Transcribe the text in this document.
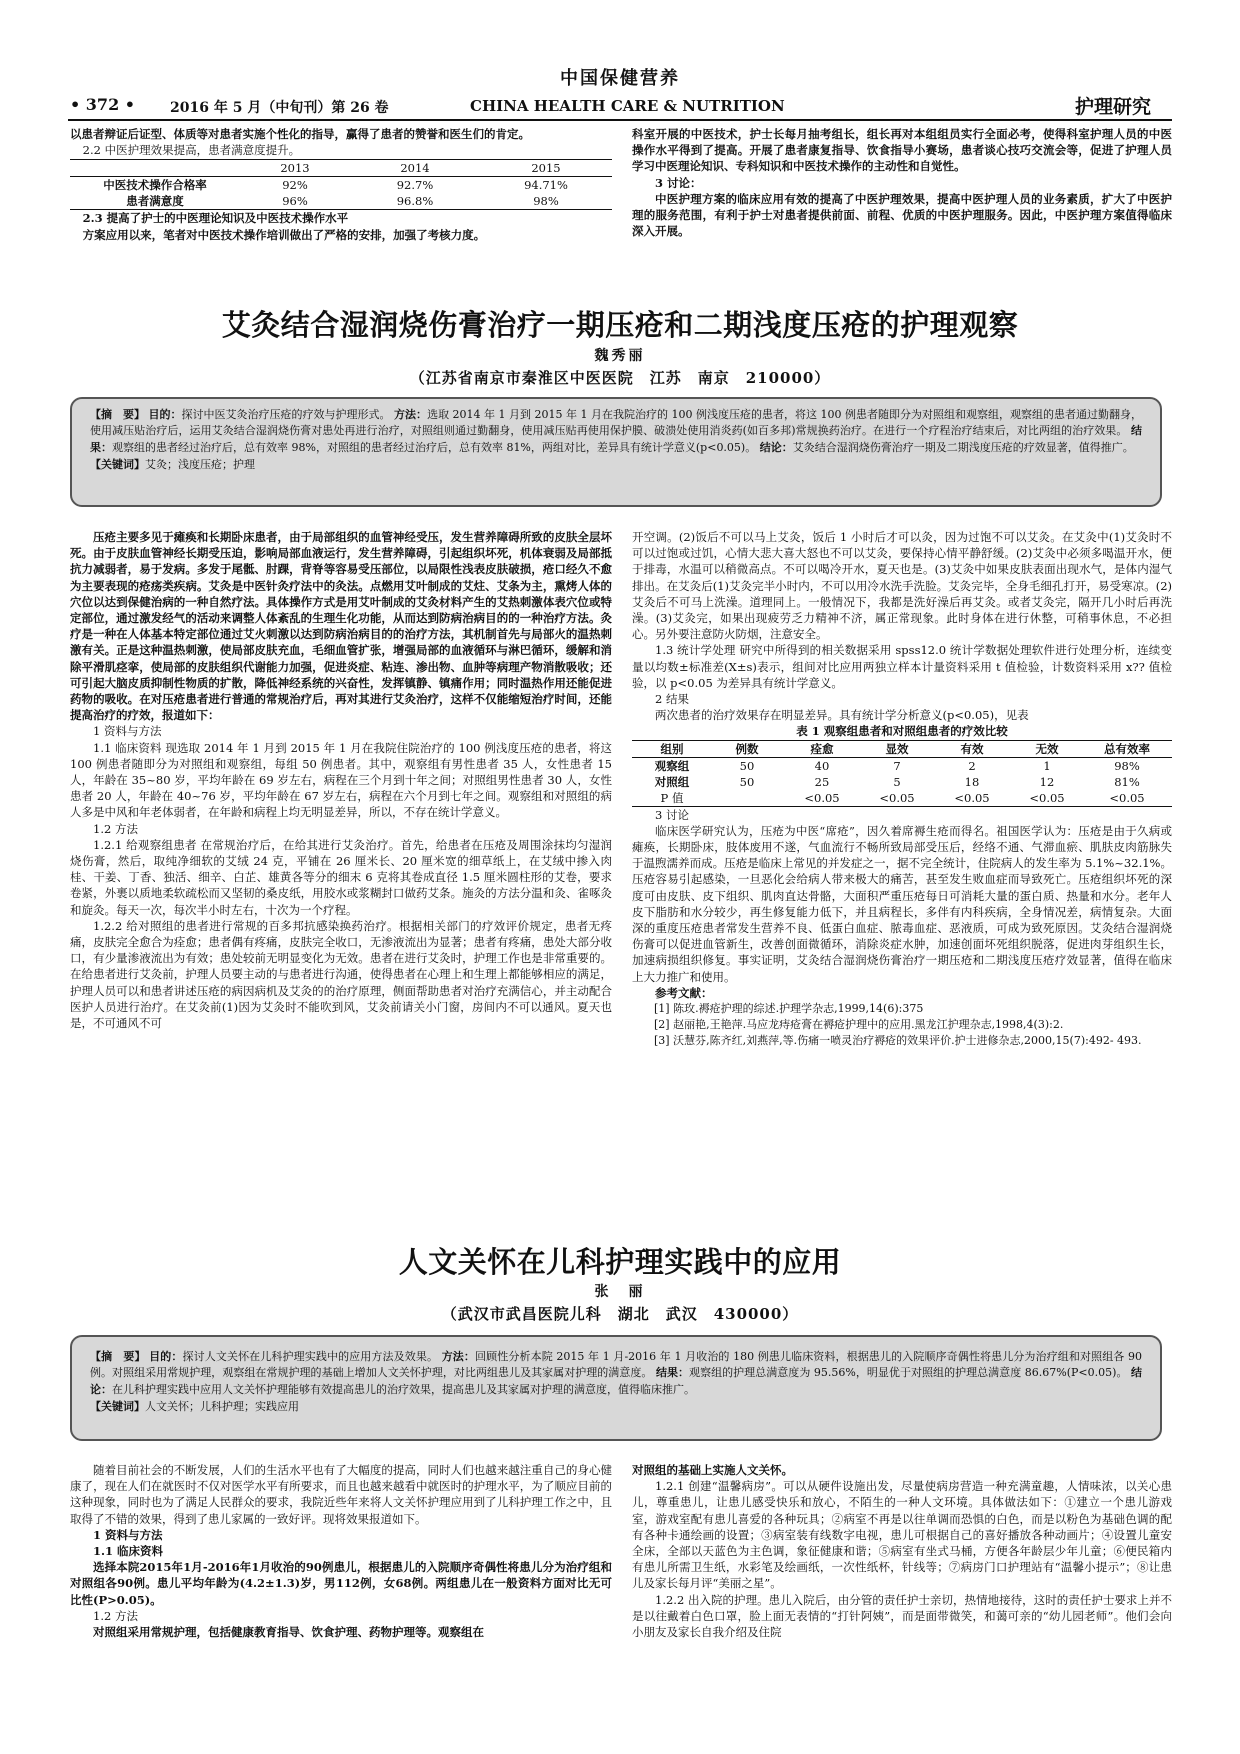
中国保健营养
• 372 •	2016 年 5 月（中旬刊）第 26 卷	CHINA HEALTH CARE & NUTRITION	护理研究
以患者辩证后证型、体质等对患者实施个性化的指导，赢得了患者的赞誉和医生们的肯定。
2.2 中医护理效果提高，患者满意度提升。
	2013	2014	2015
中医技术操作合格率	92%	92.7%	94.71%
患者满意度	96%	96.8%	98%
2.3 提高了护士的中医理论知识及中医技术操作水平
方案应用以来，笔者对中医技术操作培训做出了严格的安排，加强了考核力度。
科室开展的中医技术，护士长每月抽考组长，组长再对本组组员实行全面必考，使得科室护理人员的中医操作水平得到了提高。开展了患者康复指导、饮食指导小赛场，患者谈心技巧交流会等，促进了护理人员学习中医理论知识、专科知识和中医技术操作的主动性和自觉性。
3 讨论：
中医护理方案的临床应用有效的提高了中医护理效果，提高中医护理人员的业务素质，扩大了中医护理的服务范围，有利于护士对患者提供前面、前程、优质的中医护理服务。因此，中医护理方案值得临床深入开展。
艾灸结合湿润烧伤膏治疗一期压疮和二期浅度压疮的护理观察
魏秀丽
（江苏省南京市秦淮区中医医院　江苏　南京　210000）
【摘　要】 目的：探讨中医艾灸治疗压疮的疗效与护理形式。 方法：选取 2014 年 1 月到 2015 年 1 月在我院治疗的 100 例浅度压疮的患者，将这 100 例患者随即分为对照组和观察组，观察组的患者通过勤翻身，使用减压贴治疗后，运用艾灸结合湿润烧伤膏对患处再进行治疗，对照组则通过勤翻身，使用减压贴再使用保护膜、破溃处使用消炎药(如百多邦)常规换药治疗。在进行一个疗程治疗结束后，对比两组的治疗效果。 结果：观察组的患者经过治疗后，总有效率 98%，对照组的患者经过治疗后，总有效率 81%，两组对比，差异具有统计学意义(p<0.05)。 结论：艾灸结合湿润烧伤膏治疗一期及二期浅度压疮的疗效显著，值得推广。
【关键词】艾灸；浅度压疮；护理

压疮主要多见于瘫痪和长期卧床患者，由于局部组织的血管神经受压，发生营养障碍所致的皮肤全层坏死。由于皮肤血管神经长期受压迫，影响局部血液运行，发生营养障碍，引起组织坏死，机体衰弱及局部抵抗力减弱者，易于发病。多发于尾骶、肘踝，背脊等容易受压部位，以局限性浅表皮肤破损，疮口经久不愈为主要表现的疮疡类疾病。艾灸是中医针灸疗法中的灸法。点燃用艾叶制成的艾炷、艾条为主，熏烤人体的穴位以达到保健治病的一种自然疗法。具体操作方式是用艾叶制成的艾灸材料产生的艾热刺激体表穴位或特定部位，通过激发经气的活动来调整人体紊乱的生理生化功能，从而达到防病治病目的的一种治疗方法。灸疗是一种在人体基本特定部位通过艾火刺激以达到防病治病目的的治疗方法，其机制首先与局部火的温热刺激有关。正是这种温热刺激，使局部皮肤充血，毛细血管扩张，增强局部的血液循环与淋巴循环，缓解和消除平滑肌痉挛，使局部的皮肤组织代谢能力加强，促进炎症、粘连、渗出物、血肿等病理产物消散吸收；还可引起大脑皮质抑制性物质的扩散，降低神经系统的兴奋性，发挥镇静、镇痛作用；同时温热作用还能促进药物的吸收。在对压疮患者进行普通的常规治疗后，再对其进行艾灸治疗，这样不仅能缩短治疗时间，还能提高治疗的疗效，报道如下：

1 资料与方法

1.1 临床资料 现选取 2014 年 1 月到 2015 年 1 月在我院住院治疗的 100 例浅度压疮的患者，将这 100 例患者随即分为对照组和观察组，每组 50 例患者。其中，观察组有男性患者 35 人，女性患者 15 人，年龄在 35~80 岁，平均年龄在 69 岁左右，病程在三个月到十年之间；对照组男性患者 30 人，女性患者 20 人，年龄在 40~76 岁，平均年龄在 67 岁左右，病程在六个月到七年之间。观察组和对照组的病人多是中风和年老体弱者，在年龄和病程上均无明显差异，所以，不存在统计学意义。

1.2 方法

1.2.1 给观察组患者 在常规治疗后，在给其进行艾灸治疗。首先，给患者在压疮及周围涂抹均匀湿润烧伤膏，然后，取纯净细软的艾绒 24 克，平铺在 26 厘米长、20 厘米宽的细草纸上，在艾绒中掺入肉桂、干姜、丁香、独活、细辛、白芷、雄黄各等分的细末 6 克将其卷成直径 1.5 厘米圆柱形的艾卷，要求卷紧，外裹以质地柔软疏松而又坚韧的桑皮纸，用胶水或浆糊封口做药艾条。施灸的方法分温和灸、雀啄灸和旋灸。每天一次，每次半小时左右，十次为一个疗程。

1.2.2 给对照组的患者进行常规的百多邦抗感染换药治疗。根据相关部门的疗效评价规定，患者无疼痛，皮肤完全愈合为痊愈；患者偶有疼痛，皮肤完全收口，无渗液流出为显著；患者有疼痛，患处大部分收口，有少量渗液流出为有效；患处较前无明显变化为无效。患者在进行艾灸时，护理工作也是非常重要的。在给患者进行艾灸前，护理人员要主动的与患者进行沟通，使得患者在心理上和生理上都能够相应的满足，护理人员可以和患者讲述压疮的病因病机及艾灸的的治疗原理，侧面帮助患者对治疗充满信心，并主动配合医护人员进行治疗。在艾灸前(1)因为艾灸时不能吹到风，艾灸前请关小门窗，房间内不可以通风。夏天也是，不可通风不可

开空调。(2)饭后不可以马上艾灸，饭后 1 小时后才可以灸，因为过饱不可以艾灸。在艾灸中(1)艾灸时不可以过饱或过饥，心情大悲大喜大怒也不可以艾灸，要保持心情平静舒缓。(2)艾灸中必须多喝温开水，便于排毒，水温可以稍微高点。不可以喝冷开水，夏天也是。(3)艾灸中如果皮肤表面出现水气，是体内湿气排出。在艾灸后(1)艾灸完半小时内，不可以用冷水洗手洗脸。艾灸完毕，全身毛细孔打开，易受寒凉。(2)艾灸后不可马上洗澡。道理同上。一般情况下，我都是洗好澡后再艾灸。或者艾灸完，隔开几小时后再洗澡。(3)艾灸完，如果出现疲劳乏力精神不济，属正常现象。此时身体在进行休整，可稍事休息，不必担心。另外要注意防火防烟，注意安全。

1.3 统计学处理 研究中所得到的相关数据采用 spss12.0 统计学数据处理软件进行处理分析，连续变量以均数±标准差(X±s)表示，组间对比应用两独立样本计量资料采用 t 值检验，计数资料采用 x?? 值检验，以 p<0.05 为差异具有统计学意义。

2 结果

两次患者的治疗效果存在明显差异。具有统计学分析意义(p<0.05)，见表

表 1 观察组患者和对照组患者的疗效比较
组别	例数	痊愈	显效	有效	无效	总有效率
观察组	50	40	7	2	1	98%
对照组	50	25	5	18	12	81%
P 值		<0.05	<0.05	<0.05	<0.05	<0.05

3 讨论

临床医学研究认为，压疮为中医“席疮”，因久着席褥生疮而得名。祖国医学认为：压疮是由于久病或瘫痪，长期卧床，肢体废用不遂，气血流行不畅所致局部受压后，经络不通、气滞血瘀、肌肤皮肉筋脉失于温煦濡养而成。压疮是临床上常见的并发症之一，据不完全统计，住院病人的发生率为 5.1%~32.1%。压疮容易引起感染，一旦恶化会给病人带来极大的痛苦，甚至发生败血症而导致死亡。压疮组织坏死的深度可由皮肤、皮下组织、肌肉直达骨骼，大面积严重压疮每日可消耗大量的蛋白质、热量和水分。老年人皮下脂肪和水分较少，再生修复能力低下，并且病程长，多伴有内科疾病，全身情况差，病情复杂。大面深的重度压疮患者常发生营养不良、低蛋白血症、脓毒血症、恶液质，可成为致死原因。艾灸结合湿润烧伤膏可以促进血管新生，改善创面微循环，消除炎症水肿，加速创面坏死组织脱落，促进肉芽组织生长，加速病损组织修复。事实证明，艾灸结合湿润烧伤膏治疗一期压疮和二期浅度压疮疗效显著，值得在临床上大力推广和使用。

参考文献：
[1] 陈玫.褥疮护理的综述.护理学杂志,1999,14(6):375
[2] 赵丽艳,王艳萍.马应龙痔疮膏在褥疮护理中的应用.黑龙江护理杂志,1998,4(3):2.
[3] 沃慧芬,陈齐红,刘燕萍,等.伤痛一喷灵治疗褥疮的效果评价.护士进修杂志,2000,15(7):492- 493.
人文关怀在儿科护理实践中的应用
张　丽
（武汉市武昌医院儿科　湖北　武汉　430000）
【摘　要】 目的：探讨人文关怀在儿科护理实践中的应用方法及效果。 方法：回顾性分析本院 2015 年 1 月-2016 年 1 月收治的 180 例患儿临床资料，根据患儿的入院顺序奇偶性将患儿分为治疗组和对照组各 90 例。对照组采用常规护理，观察组在常规护理的基础上增加人文关怀护理，对比两组患儿及其家属对护理的满意度。 结果：观察组的护理总满意度为 95.56%，明显优于对照组的护理总满意度 86.67%(P<0.05)。 结论：在儿科护理实践中应用人文关怀护理能够有效提高患儿的治疗效果，提高患儿及其家属对护理的满意度，值得临床推广。
【关键词】人文关怀；儿科护理；实践应用

随着目前社会的不断发展，人们的生活水平也有了大幅度的提高，同时人们也越来越注重自己的身心健康了，现在人们在就医时不仅对医学水平有所要求，而且也越来越看中就医时的护理水平，为了顺应目前的这种现象，同时也为了满足人民群众的要求，我院近些年来将人文关怀护理应用到了儿科护理工作之中，且取得了不错的效果，得到了患儿家属的一致好评。现将效果报道如下。

1 资料与方法

1.1 临床资料

选择本院2015年1月-2016年1月收治的90例患儿，根据患儿的入院顺序奇偶性将患儿分为治疗组和对照组各90例。患儿平均年龄为(4.2±1.3)岁，男112例，女68例。两组患儿在一般资料方面对比无可比性(P>0.05)。

1.2 方法

对照组采用常规护理，包括健康教育指导、饮食护理、药物护理等。观察组在

对照组的基础上实施人文关怀。

1.2.1 创建“温馨病房”。可以从硬件设施出发，尽量使病房营造一种充满童趣，人情味浓，以关心患儿，尊重患儿，让患儿感受快乐和放心，不陌生的一种人文环境。具体做法如下：①建立一个患儿游戏室，游戏室配有患儿喜爱的各种玩具；②病室不再是以往单调而恐惧的白色，而是以粉色为基础色调的配有各种卡通绘画的设置；③病室装有线数字电视，患儿可根据自己的喜好播放各种动画片；④设置儿童安全床，全部以天蓝色为主色调，象征健康和谐；⑤病室有坐式马桶，方便各年龄层少年儿童；⑥便民箱内有患儿所需卫生纸，水彩笔及绘画纸，一次性纸杯，针线等；⑦病房门口护理站有“温馨小提示”；⑧让患儿及家长每月评“美丽之星”。

1.2.2 出入院的护理。患儿入院后，由分管的责任护士亲切，热情地接待，这时的责任护士要求上并不是以往戴着白色口罩，脸上面无表情的“打针阿姨”，而是面带微笑，和蔼可亲的“幼儿园老师”。他们会向小朋友及家长自我介绍及住院
